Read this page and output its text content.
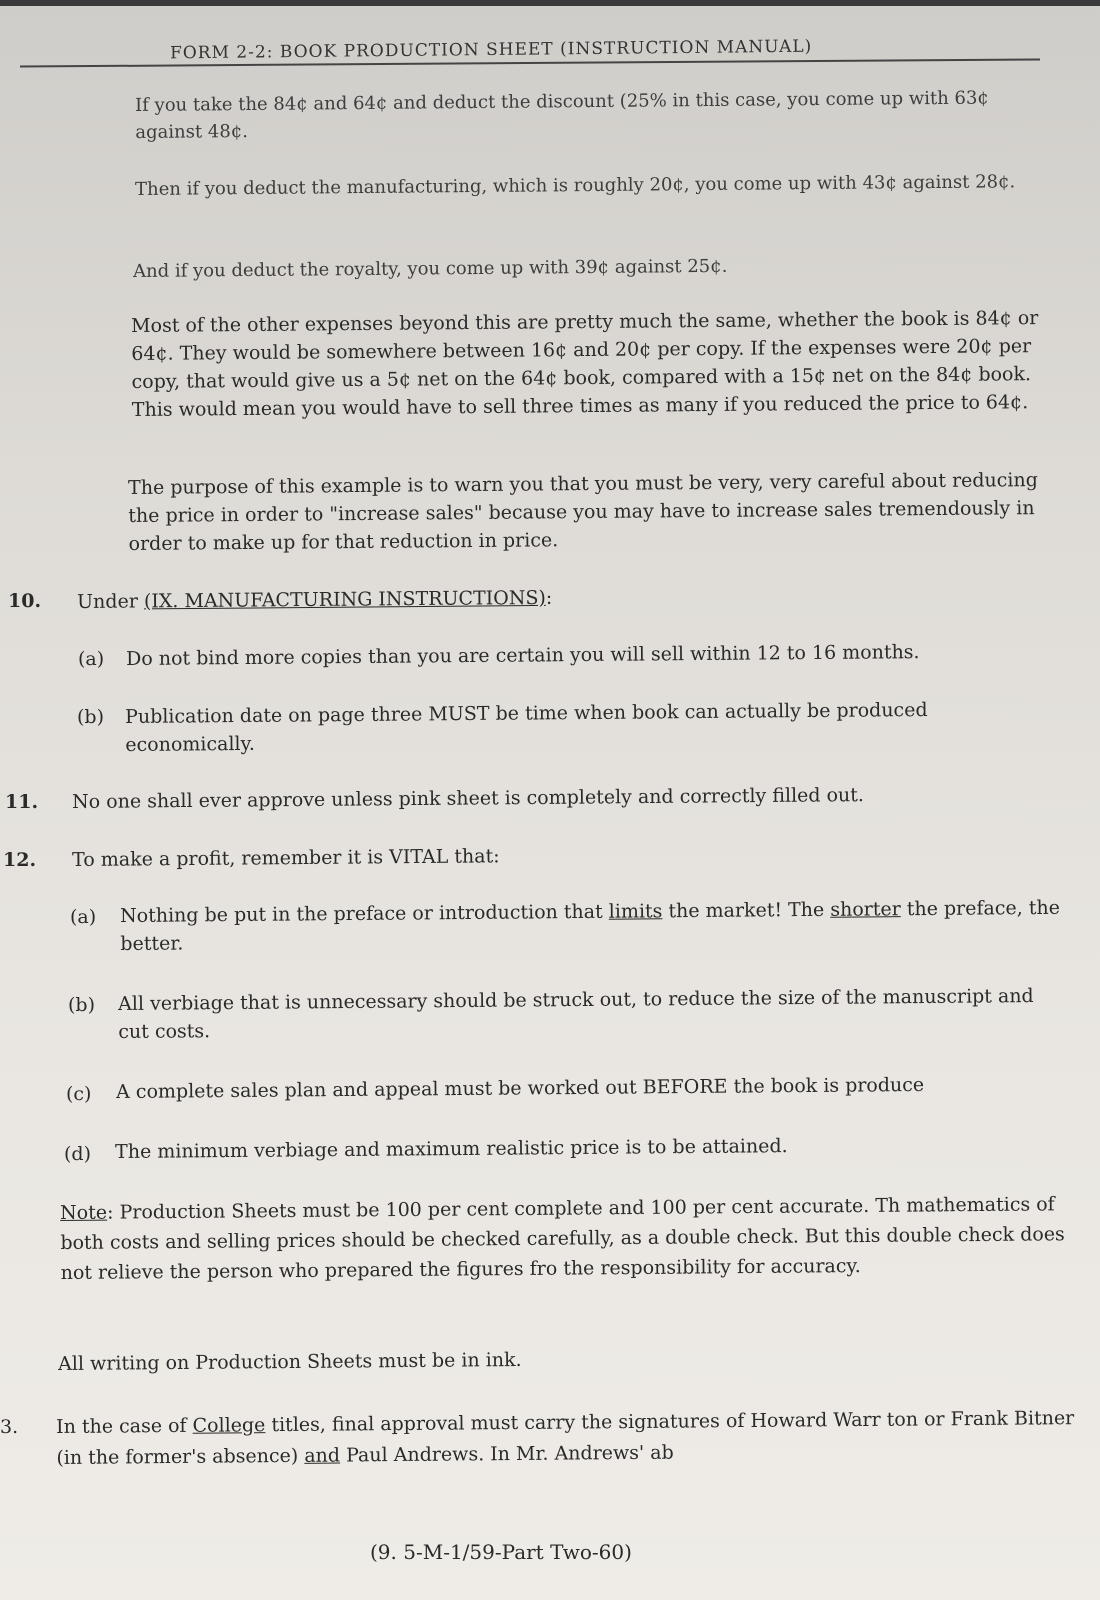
FORM 2-2: BOOK PRODUCTION SHEET (INSTRUCTION MANUAL)

If you take the 84¢ and 64¢ and deduct the discount (25% in this case, you come up with 63¢ against 48¢.

Then if you deduct the manufacturing, which is roughly 20¢, you come up with 43¢ against 28¢.

And if you deduct the royalty, you come up with 39¢ against 25¢.

Most of the other expenses beyond this are pretty much the same, whether the book is 84¢ or 64¢. They would be somewhere between 16¢ and 20¢ per copy. If the expenses were 20¢ per copy, that would give us a 5¢ net on the 64¢ book, compared with a 15¢ net on the 84¢ book. This would mean you would have to sell three times as many if you reduced the price to 64¢.

The purpose of this example is to warn you that you must be very, very careful about reducing the price in order to "increase sales" because you may have to increase sales tremendously in order to make up for that reduction in price.

10. Under (IX. MANUFACTURING INSTRUCTIONS):

(a) Do not bind more copies than you are certain you will sell within 12 to 16 months.

(b) Publication date on page three MUST be time when book can actually be produced economically.

11. No one shall ever approve unless pink sheet is completely and correctly filled out.

12. To make a profit, remember it is VITAL that:

(a) Nothing be put in the preface or introduction that limits the market! The shorter the preface, the better.

(b) All verbiage that is unnecessary should be struck out, to reduce the size of the manuscript and cut costs.

(c) A complete sales plan and appeal must be worked out BEFORE the book is produce

(d) The minimum verbiage and maximum realistic price is to be attained.

Note: Production Sheets must be 100 per cent complete and 100 per cent accurate. Th mathematics of both costs and selling prices should be checked carefully, as a double check. But this double check does not relieve the person who prepared the figures fro the responsibility for accuracy.

All writing on Production Sheets must be in ink.

3. In the case of College titles, final approval must carry the signatures of Howard Warr ton or Frank Bitner (in the former's absence) and Paul Andrews. In Mr. Andrews' ab

(9. 5-M-1/59-Part Two-60)
